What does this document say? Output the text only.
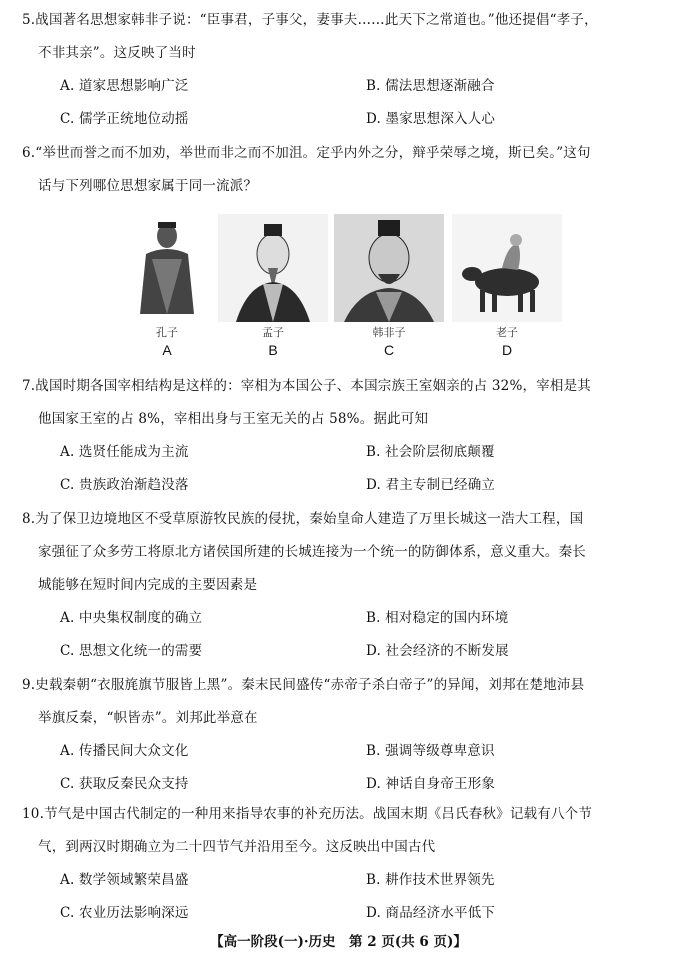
5.战国著名思想家韩非子说：“臣事君，子事父，妻事夫……此天下之常道也。”他还提倡“孝子，
不非其亲”。这反映了当时
A. 道家思想影响广泛	B. 儒法思想逐渐融合
C. 儒学正统地位动摇	D. 墨家思想深入人心
6.“举世而誉之而不加劝，举世而非之而不加沮。定乎内外之分，辩乎荣辱之境，斯已矣。”这句
话与下列哪位思想家属于同一流派？
孔子
A
孟子
B
韩非子
C
老子
D
7.战国时期各国宰相结构是这样的：宰相为本国公子、本国宗族王室姻亲的占 32%，宰相是其
他国家王室的占 8%，宰相出身与王室无关的占 58%。据此可知
A. 选贤任能成为主流	B. 社会阶层彻底颠覆
C. 贵族政治渐趋没落	D. 君主专制已经确立
8.为了保卫边境地区不受草原游牧民族的侵扰，秦始皇命人建造了万里长城这一浩大工程，国
家强征了众多劳工将原北方诸侯国所建的长城连接为一个统一的防御体系，意义重大。秦长
城能够在短时间内完成的主要因素是
A. 中央集权制度的确立	B. 相对稳定的国内环境
C. 思想文化统一的需要	D. 社会经济的不断发展
9.史载秦朝“衣服旄旗节服皆上黑”。秦末民间盛传“赤帝子杀白帝子”的异闻，刘邦在楚地沛县
举旗反秦，“帜皆赤”。刘邦此举意在
A. 传播民间大众文化	B. 强调等级尊卑意识
C. 获取反秦民众支持	D. 神话自身帝王形象
10.节气是中国古代制定的一种用来指导农事的补充历法。战国末期《吕氏春秋》记载有八个节
气，到两汉时期确立为二十四节气并沿用至今。这反映出中国古代
A. 数学领域繁荣昌盛	B. 耕作技术世界领先
C. 农业历法影响深远	D. 商品经济水平低下
【高一阶段(一)·历史　第 2 页(共 6 页)】
